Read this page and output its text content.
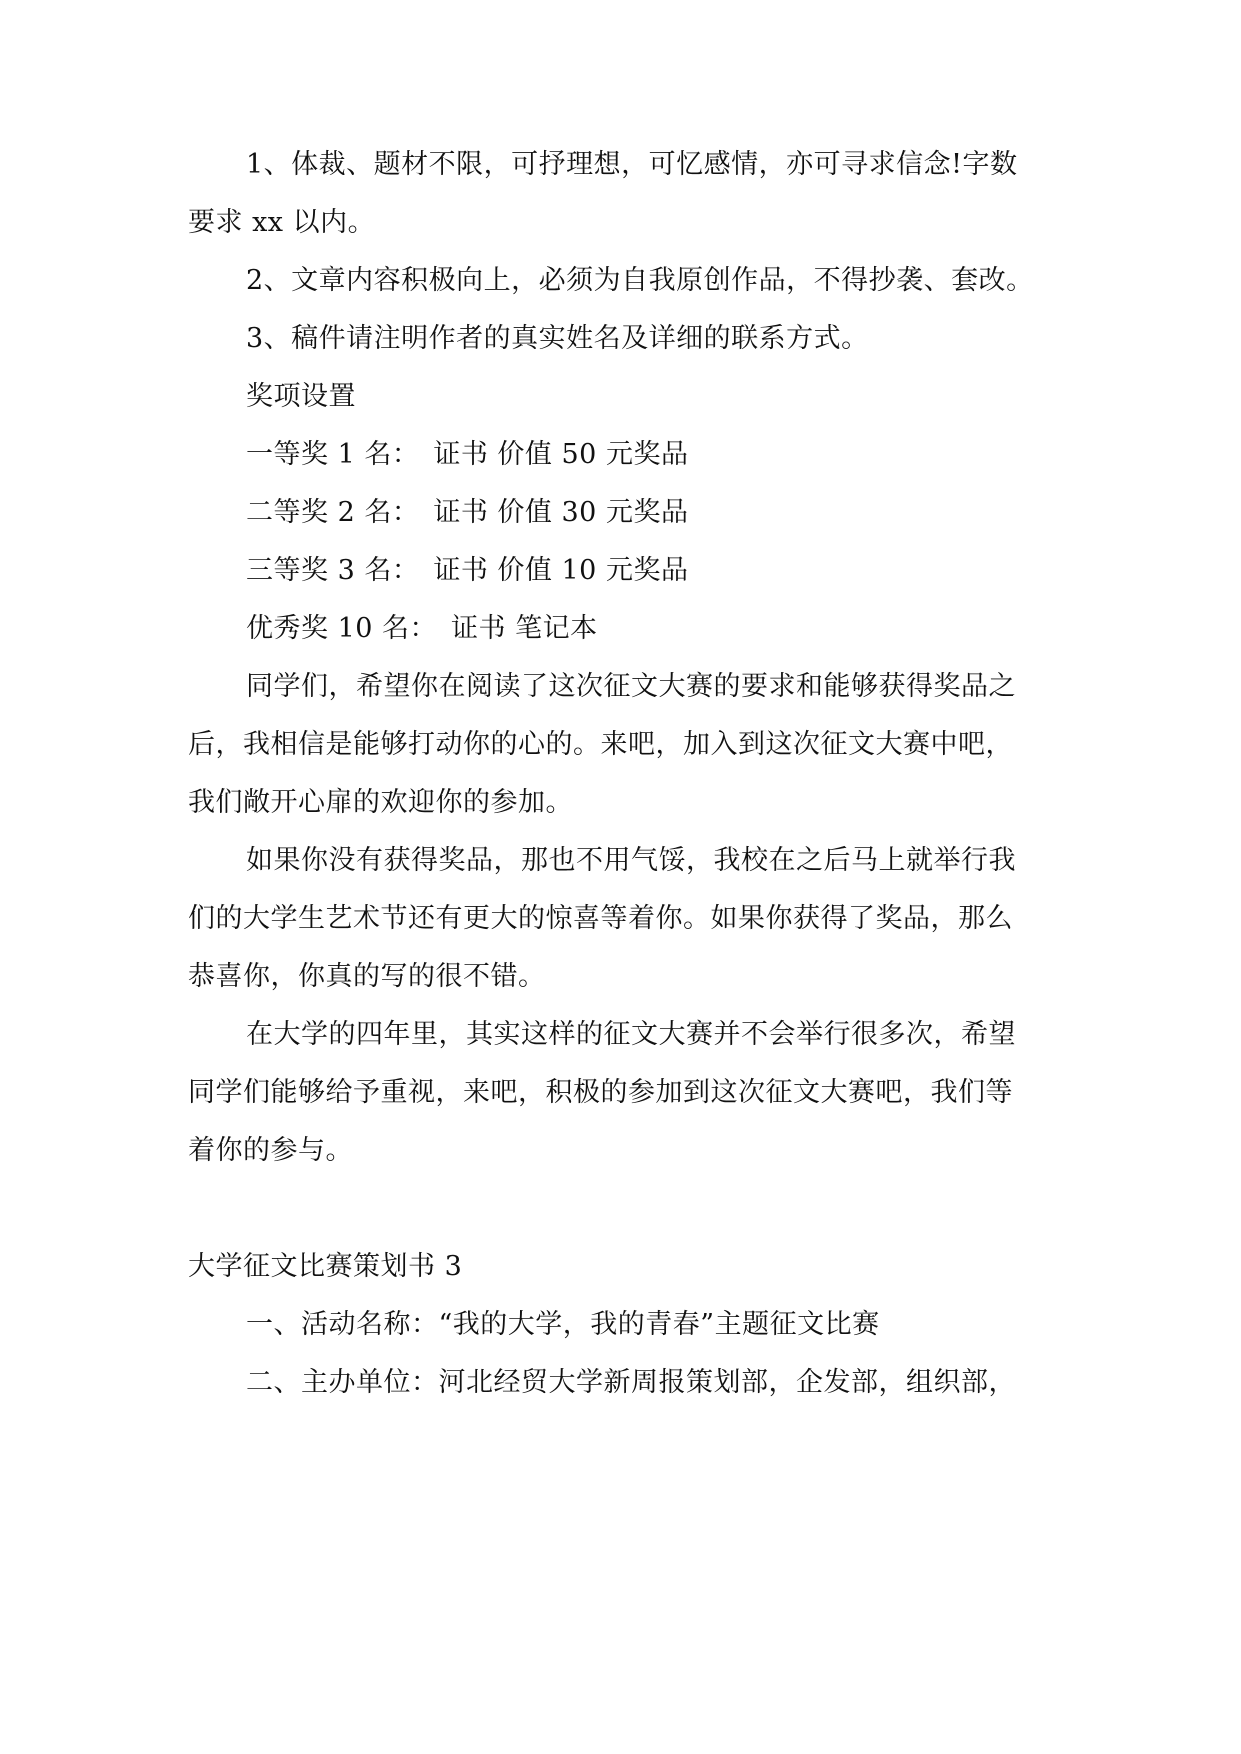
1、体裁、题材不限，可抒理想，可忆感情，亦可寻求信念!字数

要求 xx 以内。

2、文章内容积极向上，必须为自我原创作品，不得抄袭、套改。

3、稿件请注明作者的真实姓名及详细的联系方式。

奖项设置

一等奖 1 名：　证书 价值 50 元奖品

二等奖 2 名：　证书 价值 30 元奖品

三等奖 3 名：　证书 价值 10 元奖品

优秀奖 10 名：　证书 笔记本

同学们，希望你在阅读了这次征文大赛的要求和能够获得奖品之

后，我相信是能够打动你的心的。来吧，加入到这次征文大赛中吧，

我们敞开心扉的欢迎你的参加。

如果你没有获得奖品，那也不用气馁，我校在之后马上就举行我

们的大学生艺术节还有更大的惊喜等着你。如果你获得了奖品，那么

恭喜你，你真的写的很不错。

在大学的四年里，其实这样的征文大赛并不会举行很多次，希望

同学们能够给予重视，来吧，积极的参加到这次征文大赛吧，我们等

着你的参与。

大学征文比赛策划书 3

一、活动名称：“我的大学，我的青春”主题征文比赛

二、主办单位：河北经贸大学新周报策划部，企发部，组织部，
